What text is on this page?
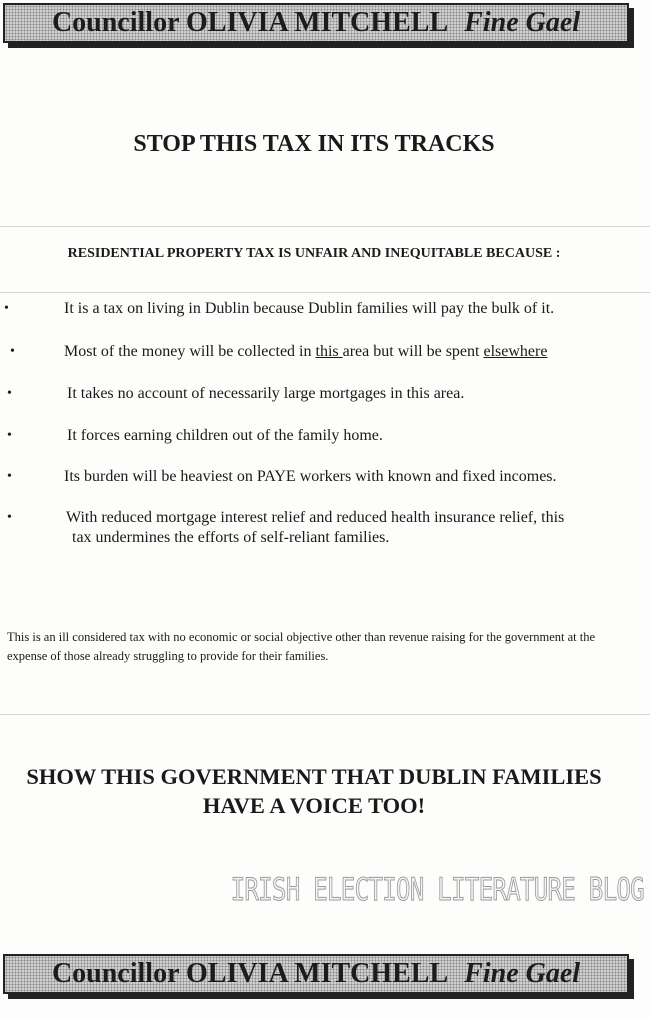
Councillor OLIVIA MITCHELL Fine Gael
STOP THIS TAX IN ITS TRACKS
RESIDENTIAL PROPERTY TAX IS UNFAIR AND INEQUITABLE BECAUSE :
•	It is a tax on living in Dublin because Dublin families will pay the bulk of it.
•	Most of the money will be collected in this area but will be spent elsewhere
•	It takes no account of necessarily large mortgages in this area.
•	It forces earning children out of the family home.
•	Its burden will be heaviest on PAYE workers with known and fixed incomes.
•	With reduced mortgage interest relief and reduced health insurance relief, this
tax undermines the efforts of self-reliant families.

This is an ill considered tax with no economic or social objective other than revenue raising for the government at the expense of those already struggling to provide for their families.

SHOW THIS GOVERNMENT THAT DUBLIN FAMILIES
HAVE A VOICE TOO!
IRISH ELECTION LITERATURE BLOG
Councillor OLIVIA MITCHELL Fine Gael
